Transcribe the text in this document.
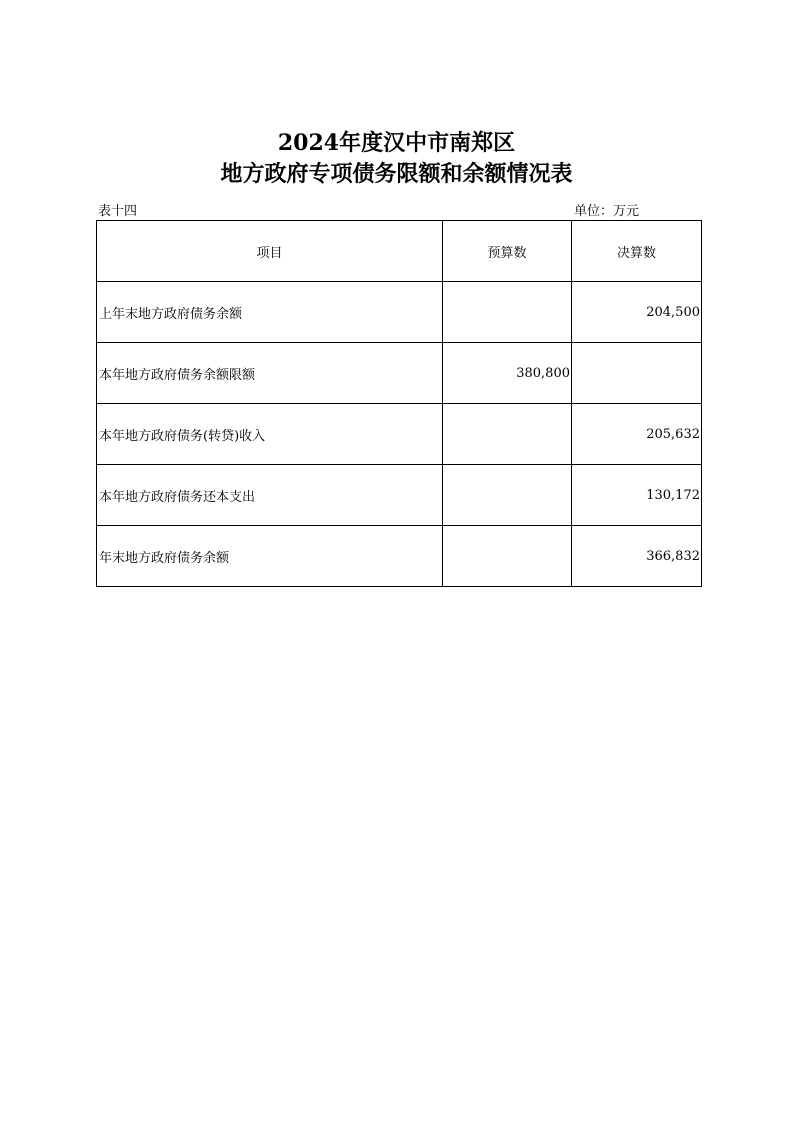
2024年度汉中市南郑区
地方政府专项债务限额和余额情况表
表十四	单位：万元
项目	预算数	决算数
上年末地方政府债务余额		204,500
本年地方政府债务余额限额	380,800	
本年地方政府债务(转贷)收入		205,632
本年地方政府债务还本支出		130,172
年末地方政府债务余额		366,832
